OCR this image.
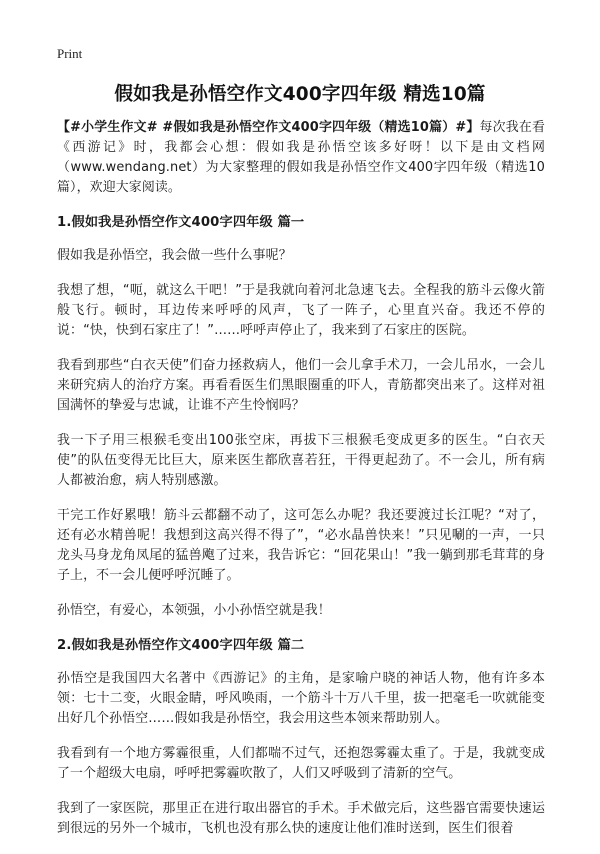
Print
假如我是孙悟空作文400字四年级 精选10篇

【#小学生作文# #假如我是孙悟空作文400字四年级（精选10篇）#】每次我在看《西游记》时，我都会心想：假如我是孙悟空该多好呀！以下是由文档网（www.wendang.net）为大家整理的假如我是孙悟空作文400字四年级（精选10篇），欢迎大家阅读。

1.假如我是孙悟空作文400字四年级 篇一

假如我是孙悟空，我会做一些什么事呢？

我想了想，“呃，就这么干吧！”于是我就向着河北急速飞去。全程我的筋斗云像火箭般飞行。顿时，耳边传来呼呼的风声，飞了一阵子，心里直兴奋。我还不停的说：“快，快到石家庄了！”……呼呼声停止了，我来到了石家庄的医院。

我看到那些“白衣天使”们奋力拯救病人，他们一会儿拿手术刀，一会儿吊水，一会儿来研究病人的治疗方案。再看看医生们黑眼圈重的吓人，青筋都突出来了。这样对祖国满怀的挚爱与忠诚，让谁不产生怜悯吗？

我一下子用三根猴毛变出100张空床，再拔下三根猴毛变成更多的医生。“白衣天使”的队伍变得无比巨大，原来医生都欣喜若狂，干得更起劲了。不一会儿，所有病人都被治愈，病人特别感激。

干完工作好累哦！筋斗云都翻不动了，这可怎么办呢？我还要渡过长江呢？“对了，还有必水精兽呢！我想到这高兴得不得了”，“必水晶兽快来！”只见唰的一声，一只龙头马身龙角凤尾的猛兽飑了过来，我告诉它：“回花果山！”我一躺到那毛茸茸的身子上，不一会儿便呼呼沉睡了。

孙悟空，有爱心，本领强，小小孙悟空就是我！

2.假如我是孙悟空作文400字四年级 篇二

孙悟空是我国四大名著中《西游记》的主角，是家喻户晓的神话人物，他有许多本领：七十二变，火眼金睛，呼风唤雨，一个筋斗十万八千里，拔一把毫毛一吹就能变出好几个孙悟空……假如我是孙悟空，我会用这些本领来帮助别人。

我看到有一个地方雾霾很重，人们都喘不过气，还抱怨雾霾太重了。于是，我就变成了一个超级大电扇，呼呼把雾霾吹散了，人们又呼吸到了清新的空气。

我到了一家医院，那里正在进行取出器官的手术。手术做完后，这些器官需要快速运到很远的另外一个城市，飞机也没有那么快的速度让他们准时送到，医生们很着
